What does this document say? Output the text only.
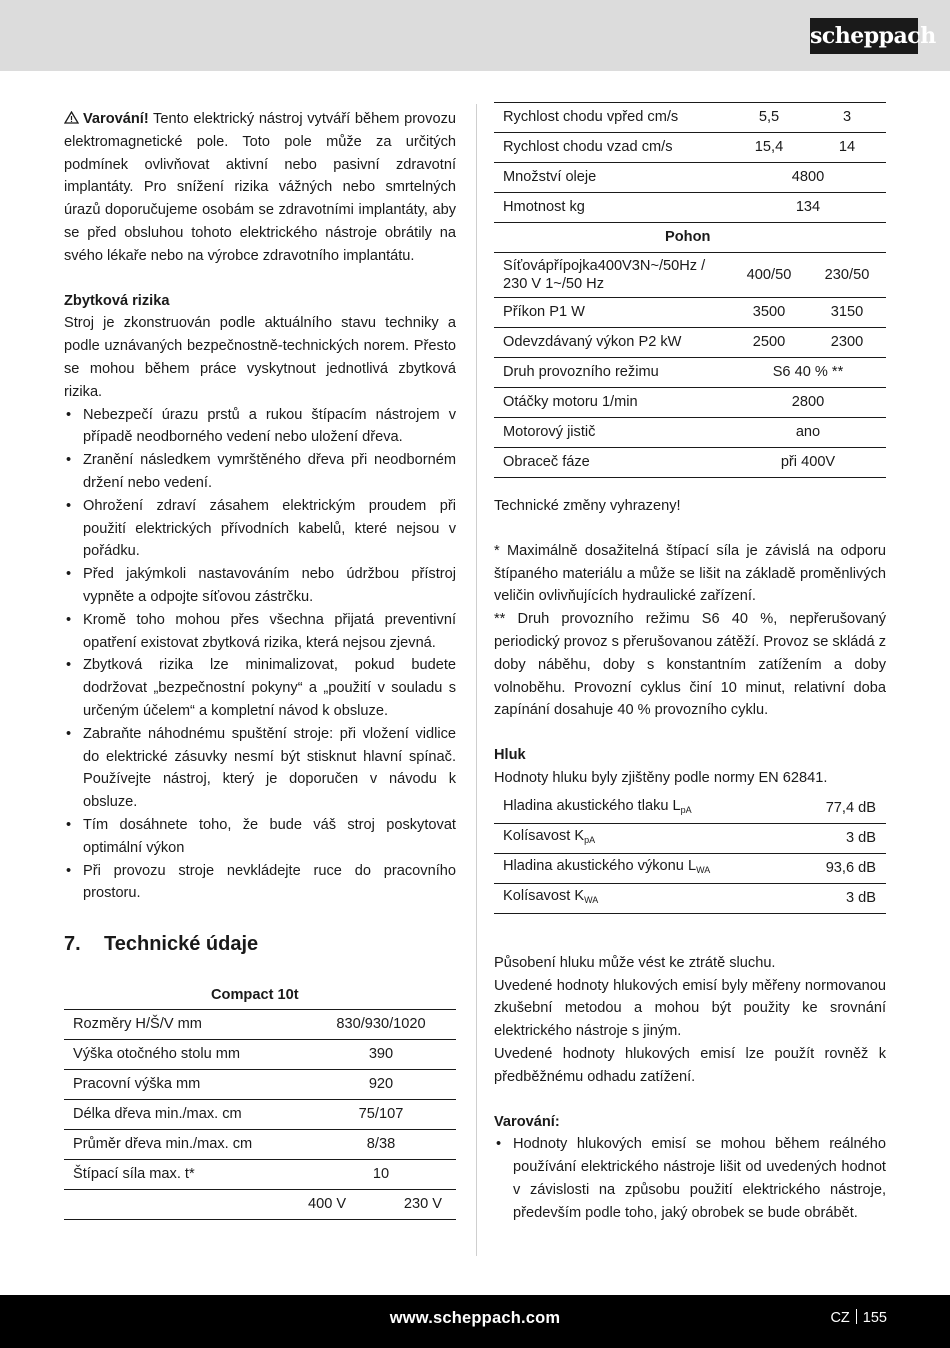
scheppach

Varování! Tento elektrický nástroj vytváří během provozu elektromagnetické pole. Toto pole může za určitých podmínek ovlivňovat aktivní nebo pasivní zdravotní implantáty. Pro snížení rizika vážných nebo smrtelných úrazů doporučujeme osobám se zdravotními implantáty, aby se před obsluhou tohoto elektrického nástroje obrátily na svého lékaře nebo na výrobce zdravotního implantátu.

Zbytková rizika

Stroj je zkonstruován podle aktuálního stavu techniky a podle uznávaných bezpečnostně-technických norem. Přesto se mohou během práce vyskytnout jednotlivá zbytková rizika.

• Nebezpečí úrazu prstů a rukou štípacím nástrojem v případě neodborného vedení nebo uložení dřeva.
• Zranění následkem vymrštěného dřeva při neodborném držení nebo vedení.
• Ohrožení zdraví zásahem elektrickým proudem při použití elektrických přívodních kabelů, které nejsou v pořádku.
• Před jakýmkoli nastavováním nebo údržbou přístroj vypněte a odpojte síťovou zástrčku.
• Kromě toho mohou přes všechna přijatá preventivní opatření existovat zbytková rizika, která nejsou zjevná.
• Zbytková rizika lze minimalizovat, pokud budete dodržovat „bezpečnostní pokyny“ a „použití v souladu s určeným účelem“ a kompletní návod k obsluze.
• Zabraňte náhodnému spuštění stroje: při vložení vidlice do elektrické zásuvky nesmí být stisknut hlavní spínač. Používejte nástroj, který je doporučen v návodu k obsluze.
• Tím dosáhnete toho, že bude váš stroj poskytovat optimální výkon
• Při provozu stroje nevkládejte ruce do pracovního prostoru.
7. Technické údaje
Compact 10t
Rozměry H/Š/V mm	830/930/1020
Výška otočného stolu mm	390
Pracovní výška mm	920
Délka dřeva min./max. cm	75/107
Průměr dřeva min./max. cm	8/38
Štípací síla max. t*	10
	400 V 230 V
Rychlost chodu vpřed cm/s	5,5	3
Rychlost chodu vzad cm/s	15,4	14
Množství oleje	4800	
Hmotnost kg	134	
Pohon		
Síťovápřípojka400V3N~/50Hz / 230 V 1~/50 Hz	400/50	230/50
Příkon P1 W	3500	3150
Odevzdávaný výkon P2 kW	2500	2300
Druh provozního režimu	S6 40 % **	
Otáčky motoru 1/min	2800	
Motorový jistič	ano	
Obraceč fáze	při 400V	

Technické změny vyhrazeny!

* Maximálně dosažitelná štípací síla je závislá na odporu štípaného materiálu a může se lišit na základě proměnlivých veličin ovlivňujících hydraulické zařízení.

** Druh provozního režimu S6 40 %, nepřerušovaný periodický provoz s přerušovanou zátěží. Provoz se skládá z doby náběhu, doby s konstantním zatížením a doby volnoběhu. Provozní cyklus činí 10 minut, relativní doba zapínání dosahuje 40 % provozního cyklu.

Hluk

Hodnoty hluku byly zjištěny podle normy EN 62841.

Hladina akustického tlaku $L_{pA}$	77,4 dB
Kolísavost $K_{pA}$	3 dB
Hladina akustického výkonu $L_{WA}$	93,6 dB
Kolísavost $K_{WA}$	3 dB

Působení hluku může vést ke ztrátě sluchu.

Uvedené hodnoty hlukových emisí byly měřeny normovanou zkušební metodou a mohou být použity ke srovnání elektrického nástroje s jiným.

Uvedené hodnoty hlukových emisí lze použít rovněž k předběžnému odhadu zatížení.

Varování:

• Hodnoty hlukových emisí se mohou během reálného používání elektrického nástroje lišit od uvedených hodnot v závislosti na způsobu použití elektrického nástroje, především podle toho, jaký obrobek se bude obrábět.
www.scheppach.com	CZ 155
